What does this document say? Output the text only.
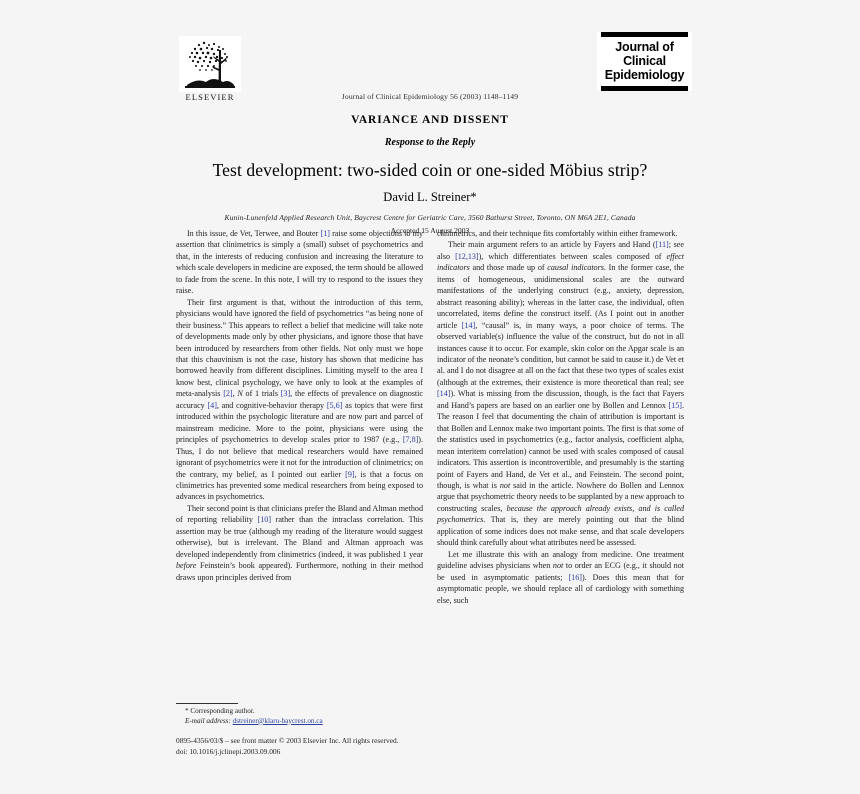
ELSEVIER	Journal of Clinical Epidemiology 56 (2003) 1148–1149
Journal of
Clinical
Epidemiology
VARIANCE AND DISSENT
Response to the Reply
Test development: two-sided coin or one-sided Möbius strip?
David L. Streiner*
Kunin-Lunenfeld Applied Research Unit, Baycrest Centre for Geriatric Care, 3560 Bathurst Street, Toronto, ON M6A 2E1, Canada
Accepted 15 August 2003

In this issue, de Vet, Terwee, and Bouter [1] raise some objections to my assertion that clinimetrics is simply a (small) subset of psychometrics and that, in the interests of reducing confusion and increasing the literature to which scale developers in medicine are exposed, the term should be allowed to fade from the scene. In this note, I will try to respond to the issues they raise.

Their first argument is that, without the introduction of this term, physicians would have ignored the field of psychometrics “as being none of their business.” This appears to reflect a belief that medicine will take note of developments made only by other physicians, and ignore those that have been introduced by researchers from other fields. Not only must we hope that this chauvinism is not the case, history has shown that medicine has borrowed heavily from different disciplines. Limiting myself to the area I know best, clinical psychology, we have only to look at the examples of meta-analysis [2], N of 1 trials [3], the effects of prevalence on diagnostic accuracy [4], and cognitive-behavior therapy [5,6] as topics that were first introduced within the psychologic literature and are now part and parcel of mainstream medicine. More to the point, physicians were using the principles of psychometrics to develop scales prior to 1987 (e.g., [7,8]). Thus, I do not believe that medical researchers would have remained ignorant of psychometrics were it not for the introduction of clinimetrics; on the contrary, my belief, as I pointed out earlier [9], is that a focus on clinimetrics has prevented some medical researchers from being exposed to advances in psychometrics.

Their second point is that clinicians prefer the Bland and Altman method of reporting reliability [10] rather than the intraclass correlation. This assertion may be true (although my reading of the literature would suggest otherwise), but is irrelevant. The Bland and Altman approach was developed independently from clinimetrics (indeed, it was published 1 year before Feinstein’s book appeared). Furthermore, nothing in their method draws upon principles derived from

clinimetrics, and their technique fits comfortably within either framework.

Their main argument refers to an article by Fayers and Hand ([11]; see also [12,13]), which differentiates between scales composed of effect indicators and those made up of causal indicators. In the former case, the items of homogeneous, unidimensional scales are the outward manifestations of the underlying construct (e.g., anxiety, depression, abstract reasoning ability); whereas in the latter case, the individual, often uncorrelated, items define the construct itself. (As I point out in another article [14], “causal” is, in many ways, a poor choice of terms. The observed variable(s) influence the value of the construct, but do not in all instances cause it to occur. For example, skin color on the Apgar scale is an indicator of the neonate’s condition, but cannot be said to cause it.) de Vet et al. and I do not disagree at all on the fact that these two types of scales exist (although at the extremes, their existence is more theoretical than real; see [14]). What is missing from the discussion, though, is the fact that Fayers and Hand’s papers are based on an earlier one by Bollen and Lennox [15]. The reason I feel that documenting the chain of attribution is important is that Bollen and Lennox make two important points. The first is that some of the statistics used in psychometrics (e.g., factor analysis, coefficient alpha, mean interitem correlation) cannot be used with scales composed of causal indicators. This assertion is incontrovertible, and presumably is the starting point of Fayers and Hand, de Vet et al., and Feinstein. The second point, though, is what is not said in the article. Nowhere do Bollen and Lennox argue that psychometric theory needs to be supplanted by a new approach to constructing scales, because the approach already exists, and is called psychometrics. That is, they are merely pointing out that the blind application of some indices does not make sense, and that scale developers should think carefully about what attributes need be assessed.

Let me illustrate this with an analogy from medicine. One treatment guideline advises physicians when not to order an ECG (e.g., it should not be used in asymptomatic patients; [16]). Does this mean that for asymptomatic people, we should replace all of cardiology with something else, such

* Corresponding author.
E-mail address: dstreiner@klaru-baycrest.on.ca
0895-4356/03/$ – see front matter © 2003 Elsevier Inc. All rights reserved.
doi: 10.1016/j.jclinepi.2003.09.006
